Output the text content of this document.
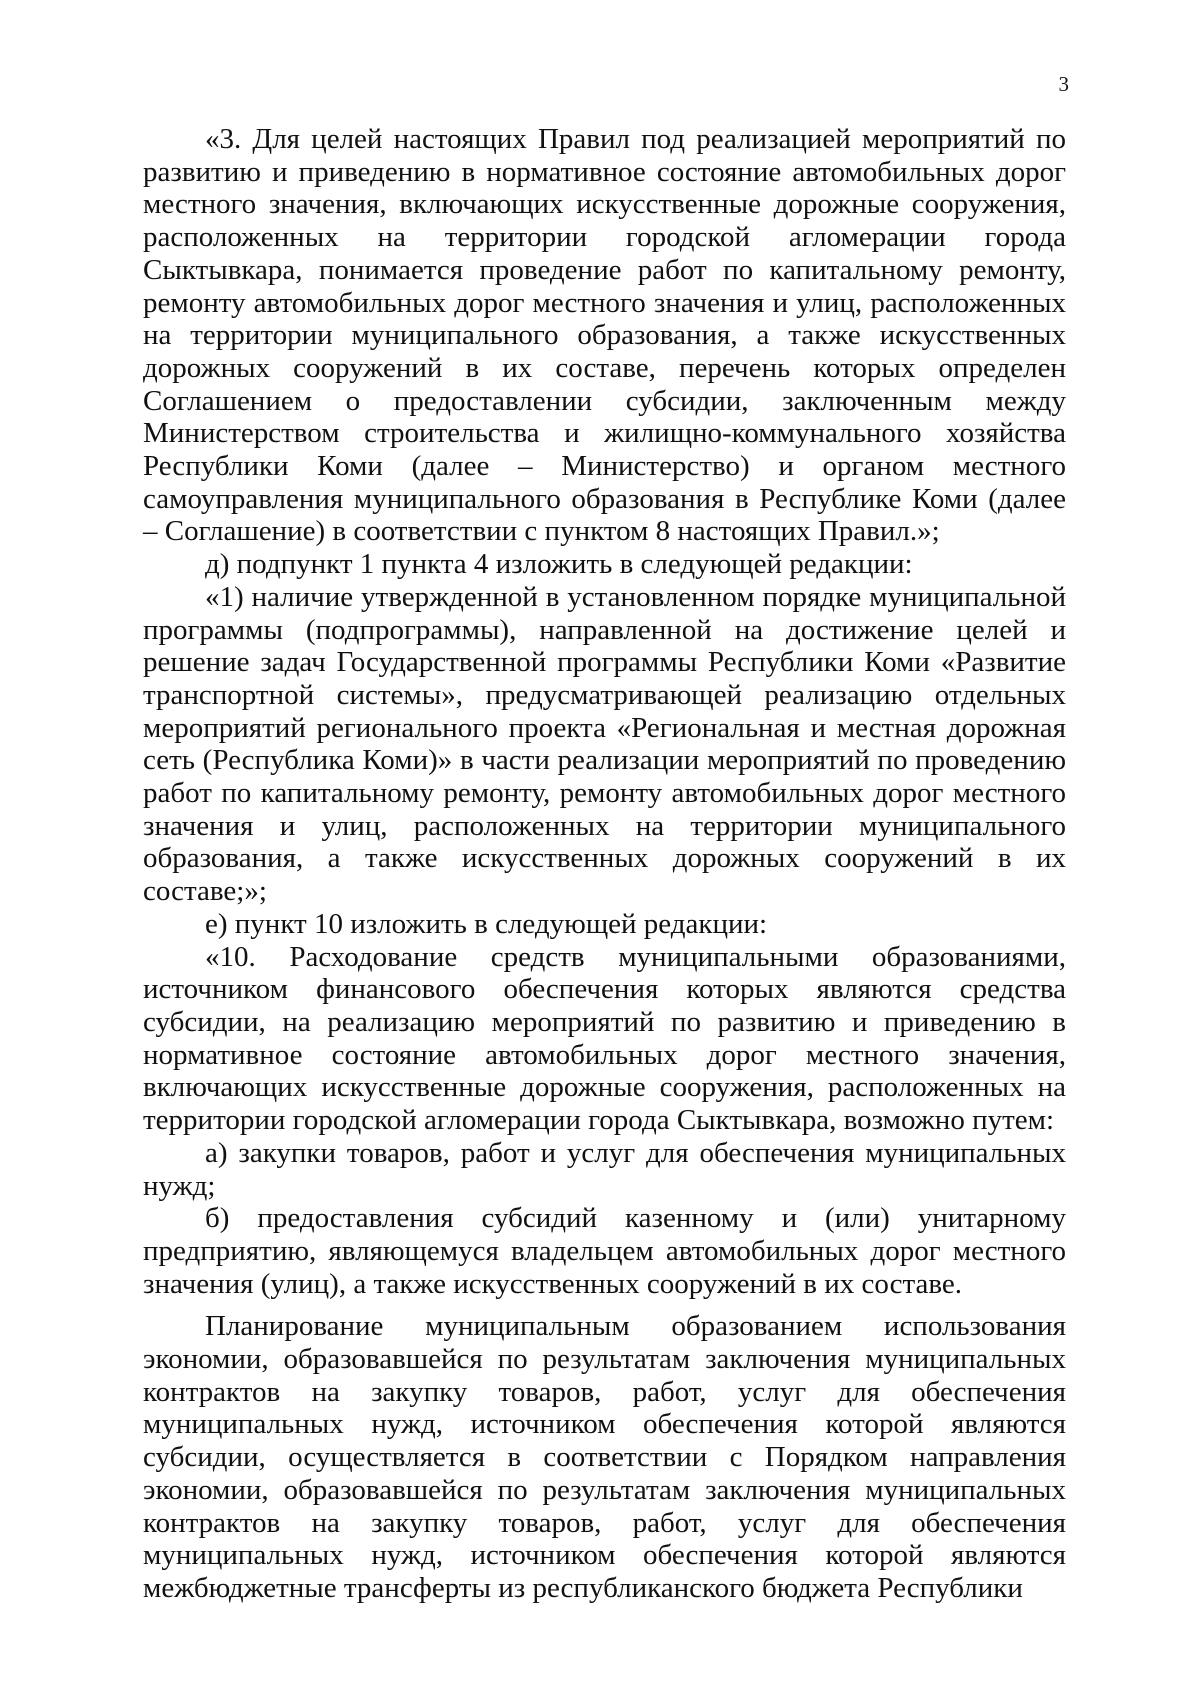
3

«3. Для целей настоящих Правил под реализацией мероприятий по развитию и приведению в нормативное состояние автомобильных дорог местного значения, включающих искусственные дорожные сооружения, расположенных на территории городской агломерации города Сыктывкара, понимается проведение работ по капитальному ремонту, ремонту автомобильных дорог местного значения и улиц, расположенных на территории муниципального образования, а также искусственных дорожных сооружений в их составе, перечень которых определен Соглашением о предоставлении субсидии, заключенным между Министерством строительства и жилищно-коммунального хозяйства Республики Коми (далее – Министерство) и органом местного самоуправления муниципального образования в Республике Коми (далее – Соглашение) в соответствии с пунктом 8 настоящих Правил.»;

д) подпункт 1 пункта 4 изложить в следующей редакции:

«1) наличие утвержденной в установленном порядке муниципальной программы (подпрограммы), направленной на достижение целей и решение задач Государственной программы Республики Коми «Развитие транспортной системы», предусматривающей реализацию отдельных мероприятий регионального проекта «Региональная и местная дорожная сеть (Республика Коми)» в части реализации мероприятий по проведению работ по капитальному ремонту, ремонту автомобильных дорог местного значения и улиц, расположенных на территории муниципального образования, а также искусственных дорожных сооружений в их составе;»;

е) пункт 10 изложить в следующей редакции:

«10. Расходование средств муниципальными образованиями, источником финансового обеспечения которых являются средства субсидии, на реализацию мероприятий по развитию и приведению в нормативное состояние автомобильных дорог местного значения, включающих искусственные дорожные сооружения, расположенных на территории городской агломерации города Сыктывкара, возможно путем:

а) закупки товаров, работ и услуг для обеспечения муниципальных нужд;

б) предоставления субсидий казенному и (или) унитарному предприятию, являющемуся владельцем автомобильных дорог местного значения (улиц), а также искусственных сооружений в их составе.

Планирование муниципальным образованием использования экономии, образовавшейся по результатам заключения муниципальных контрактов на закупку товаров, работ, услуг для обеспечения муниципальных нужд, источником обеспечения которой являются субсидии, осуществляется в соответствии с Порядком направления экономии, образовавшейся по результатам заключения муниципальных контрактов на закупку товаров, работ, услуг для обеспечения муниципальных нужд, источником обеспечения которой являются межбюджетные трансферты из республиканского бюджета Республики
